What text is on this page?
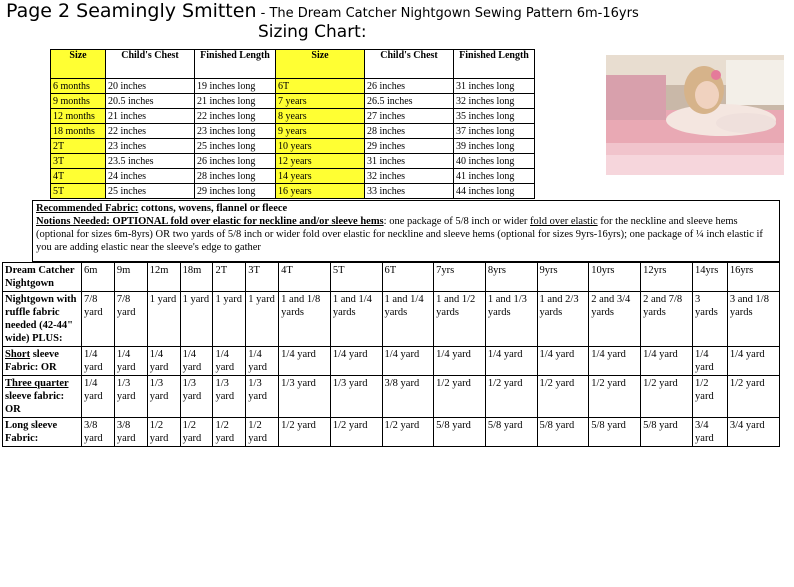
Page 2 Seamingly Smitten - The Dream Catcher Nightgown Sewing Pattern 6m-16yrs
Sizing Chart:
Size	Child's Chest	Finished Length	Size	Child's Chest	Finished Length
6 months	20 inches	19 inches long	6T	26 inches	31 inches long
9 months	20.5 inches	21 inches long	7 years	26.5 inches	32 inches long
12 months	21 inches	22 inches long	8 years	27 inches	35 inches long
18 months	22 inches	23 inches long	9 years	28 inches	37 inches long
2T	23 inches	25 inches long	10 years	29 inches	39 inches long
3T	23.5 inches	26 inches long	12 years	31 inches	40 inches long
4T	24 inches	28 inches long	14 years	32 inches	41 inches long
5T	25 inches	29 inches long	16 years	33 inches	44 inches long
Recommended Fabric: cottons, wovens, flannel or fleece
Notions Needed: OPTIONAL fold over elastic for neckline and/or sleeve hems: one package of 5/8 inch or wider fold over elastic for the neckline and sleeve hems (optional for sizes 6m-8yrs) OR two yards of 5/8 inch or wider fold over elastic for neckline and sleeve hems (optional for sizes 9yrs-16yrs); one package of ¼ inch elastic if you are adding elastic near the sleeve's edge to gather
Dream Catcher Nightgown	6m	9m	12m	18m	2T	3T	4T	5T	6T	7yrs	8yrs	9yrs	10yrs	12yrs	14yrs	16yrs
Nightgown with ruffle fabric needed (42-44" wide) PLUS:	7/8 yard	7/8 yard	1 yard	1 yard	1 yard	1 yard	1 and 1/8 yards	1 and 1/4 yards	1 and 1/4 yards	1 and 1/2 yards	1 and 1/3 yards	1 and 2/3 yards	2 and 3/4 yards	2 and 7/8 yards	3 yards	3 and 1/8 yards
Short sleeve Fabric: OR	1/4 yard	1/4 yard	1/4 yard	1/4 yard	1/4 yard	1/4 yard	1/4 yard	1/4 yard	1/4 yard	1/4 yard	1/4 yard	1/4 yard	1/4 yard	1/4 yard	1/4 yard	1/4 yard
Three quarter sleeve fabric: OR	1/4 yard	1/3 yard	1/3 yard	1/3 yard	1/3 yard	1/3 yard	1/3 yard	1/3 yard	3/8 yard	1/2 yard	1/2 yard	1/2 yard	1/2 yard	1/2 yard	1/2 yard	1/2 yard
Long sleeve Fabric:	3/8 yard	3/8 yard	1/2 yard	1/2 yard	1/2 yard	1/2 yard	1/2 yard	1/2 yard	1/2 yard	5/8 yard	5/8 yard	5/8 yard	5/8 yard	5/8 yard	3/4 yard	3/4 yard
